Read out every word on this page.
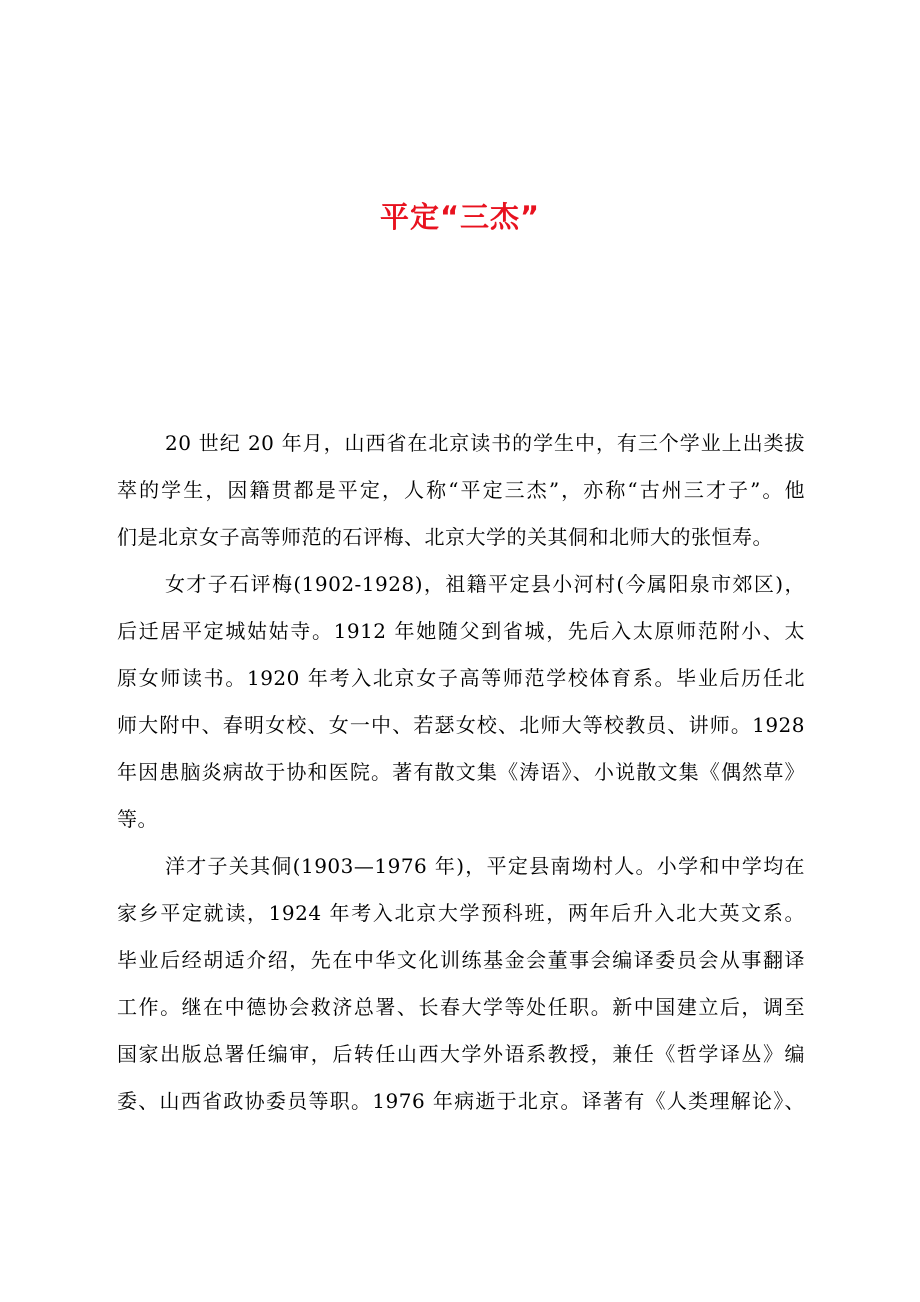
平定“三杰”
20 世纪 20 年月，山西省在北京读书的学生中，有三个学业上出类拔
萃的学生，因籍贯都是平定，人称“平定三杰”，亦称“古州三才子”。他
们是北京女子高等师范的石评梅、北京大学的关其侗和北师大的张恒寿。
女才子石评梅(1902-1928)，祖籍平定县小河村(今属阳泉市郊区)，
后迁居平定城姑姑寺。1912 年她随父到省城，先后入太原师范附小、太
原女师读书。1920 年考入北京女子高等师范学校体育系。毕业后历任北
师大附中、春明女校、女一中、若瑟女校、北师大等校教员、讲师。1928
年因患脑炎病故于协和医院。著有散文集《涛语》、小说散文集《偶然草》
等。
洋才子关其侗(1903—1976 年)，平定县南坳村人。小学和中学均在
家乡平定就读，1924 年考入北京大学预科班，两年后升入北大英文系。
毕业后经胡适介绍，先在中华文化训练基金会董事会编译委员会从事翻译
工作。继在中德协会救济总署、长春大学等处任职。新中国建立后，调至
国家出版总署任编审，后转任山西大学外语系教授，兼任《哲学译丛》编
委、山西省政协委员等职。1976 年病逝于北京。译著有《人类理解论》、
